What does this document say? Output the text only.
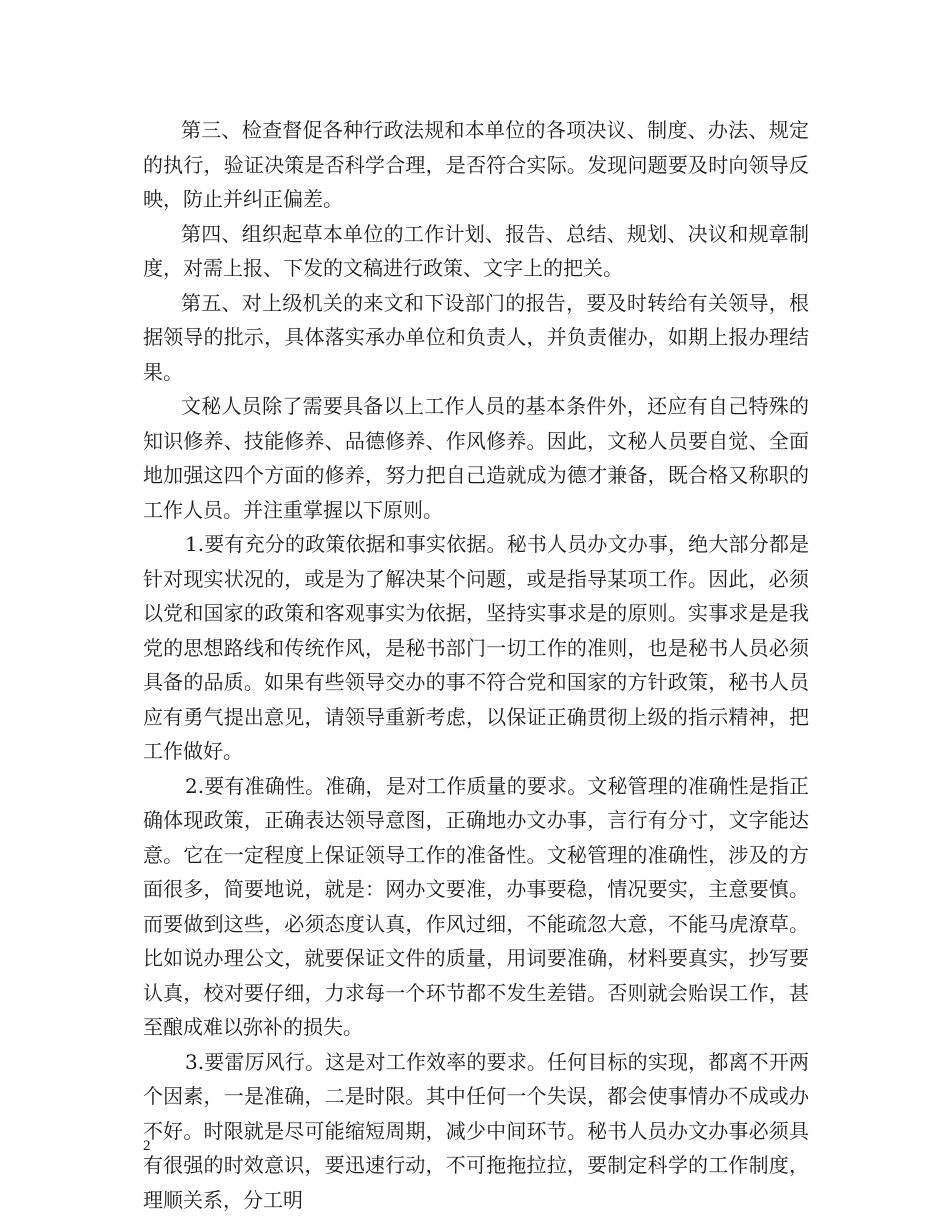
第三、检查督促各种行政法规和本单位的各项决议、制度、办法、规定的执行，验证决策是否科学合理，是否符合实际。发现问题要及时向领导反映，防止并纠正偏差。

第四、组织起草本单位的工作计划、报告、总结、规划、决议和规章制度，对需上报、下发的文稿进行政策、文字上的把关。

第五、对上级机关的来文和下设部门的报告，要及时转给有关领导，根据领导的批示，具体落实承办单位和负责人，并负责催办，如期上报办理结果。

文秘人员除了需要具备以上工作人员的基本条件外，还应有自己特殊的知识修养、技能修养、品德修养、作风修养。因此，文秘人员要自觉、全面地加强这四个方面的修养，努力把自己造就成为德才兼备，既合格又称职的工作人员。并注重掌握以下原则。

1.要有充分的政策依据和事实依据。秘书人员办文办事，绝大部分都是针对现实状况的，或是为了解决某个问题，或是指导某项工作。因此，必须以党和国家的政策和客观事实为依据，坚持实事求是的原则。实事求是是我党的思想路线和传统作风，是秘书部门一切工作的准则，也是秘书人员必须具备的品质。如果有些领导交办的事不符合党和国家的方针政策，秘书人员应有勇气提出意见，请领导重新考虑，以保证正确贯彻上级的指示精神，把工作做好。

2.要有准确性。准确，是对工作质量的要求。文秘管理的准确性是指正确体现政策，正确表达领导意图，正确地办文办事，言行有分寸，文字能达意。它在一定程度上保证领导工作的准备性。文秘管理的准确性，涉及的方面很多，简要地说，就是：网办文要准，办事要稳，情况要实，主意要慎。而要做到这些，必须态度认真，作风过细，不能疏忽大意，不能马虎潦草。比如说办理公文，就要保证文件的质量，用词要准确，材料要真实，抄写要认真，校对要仔细，力求每一个环节都不发生差错。否则就会贻误工作，甚至酿成难以弥补的损失。

3.要雷厉风行。这是对工作效率的要求。任何目标的实现，都离不开两个因素，一是准确，二是时限。其中任何一个失误，都会使事情办不成或办不好。时限就是尽可能缩短周期，减少中间环节。秘书人员办文办事必须具有很强的时效意识，要迅速行动，不可拖拖拉拉，要制定科学的工作制度，理顺关系，分工明

2
